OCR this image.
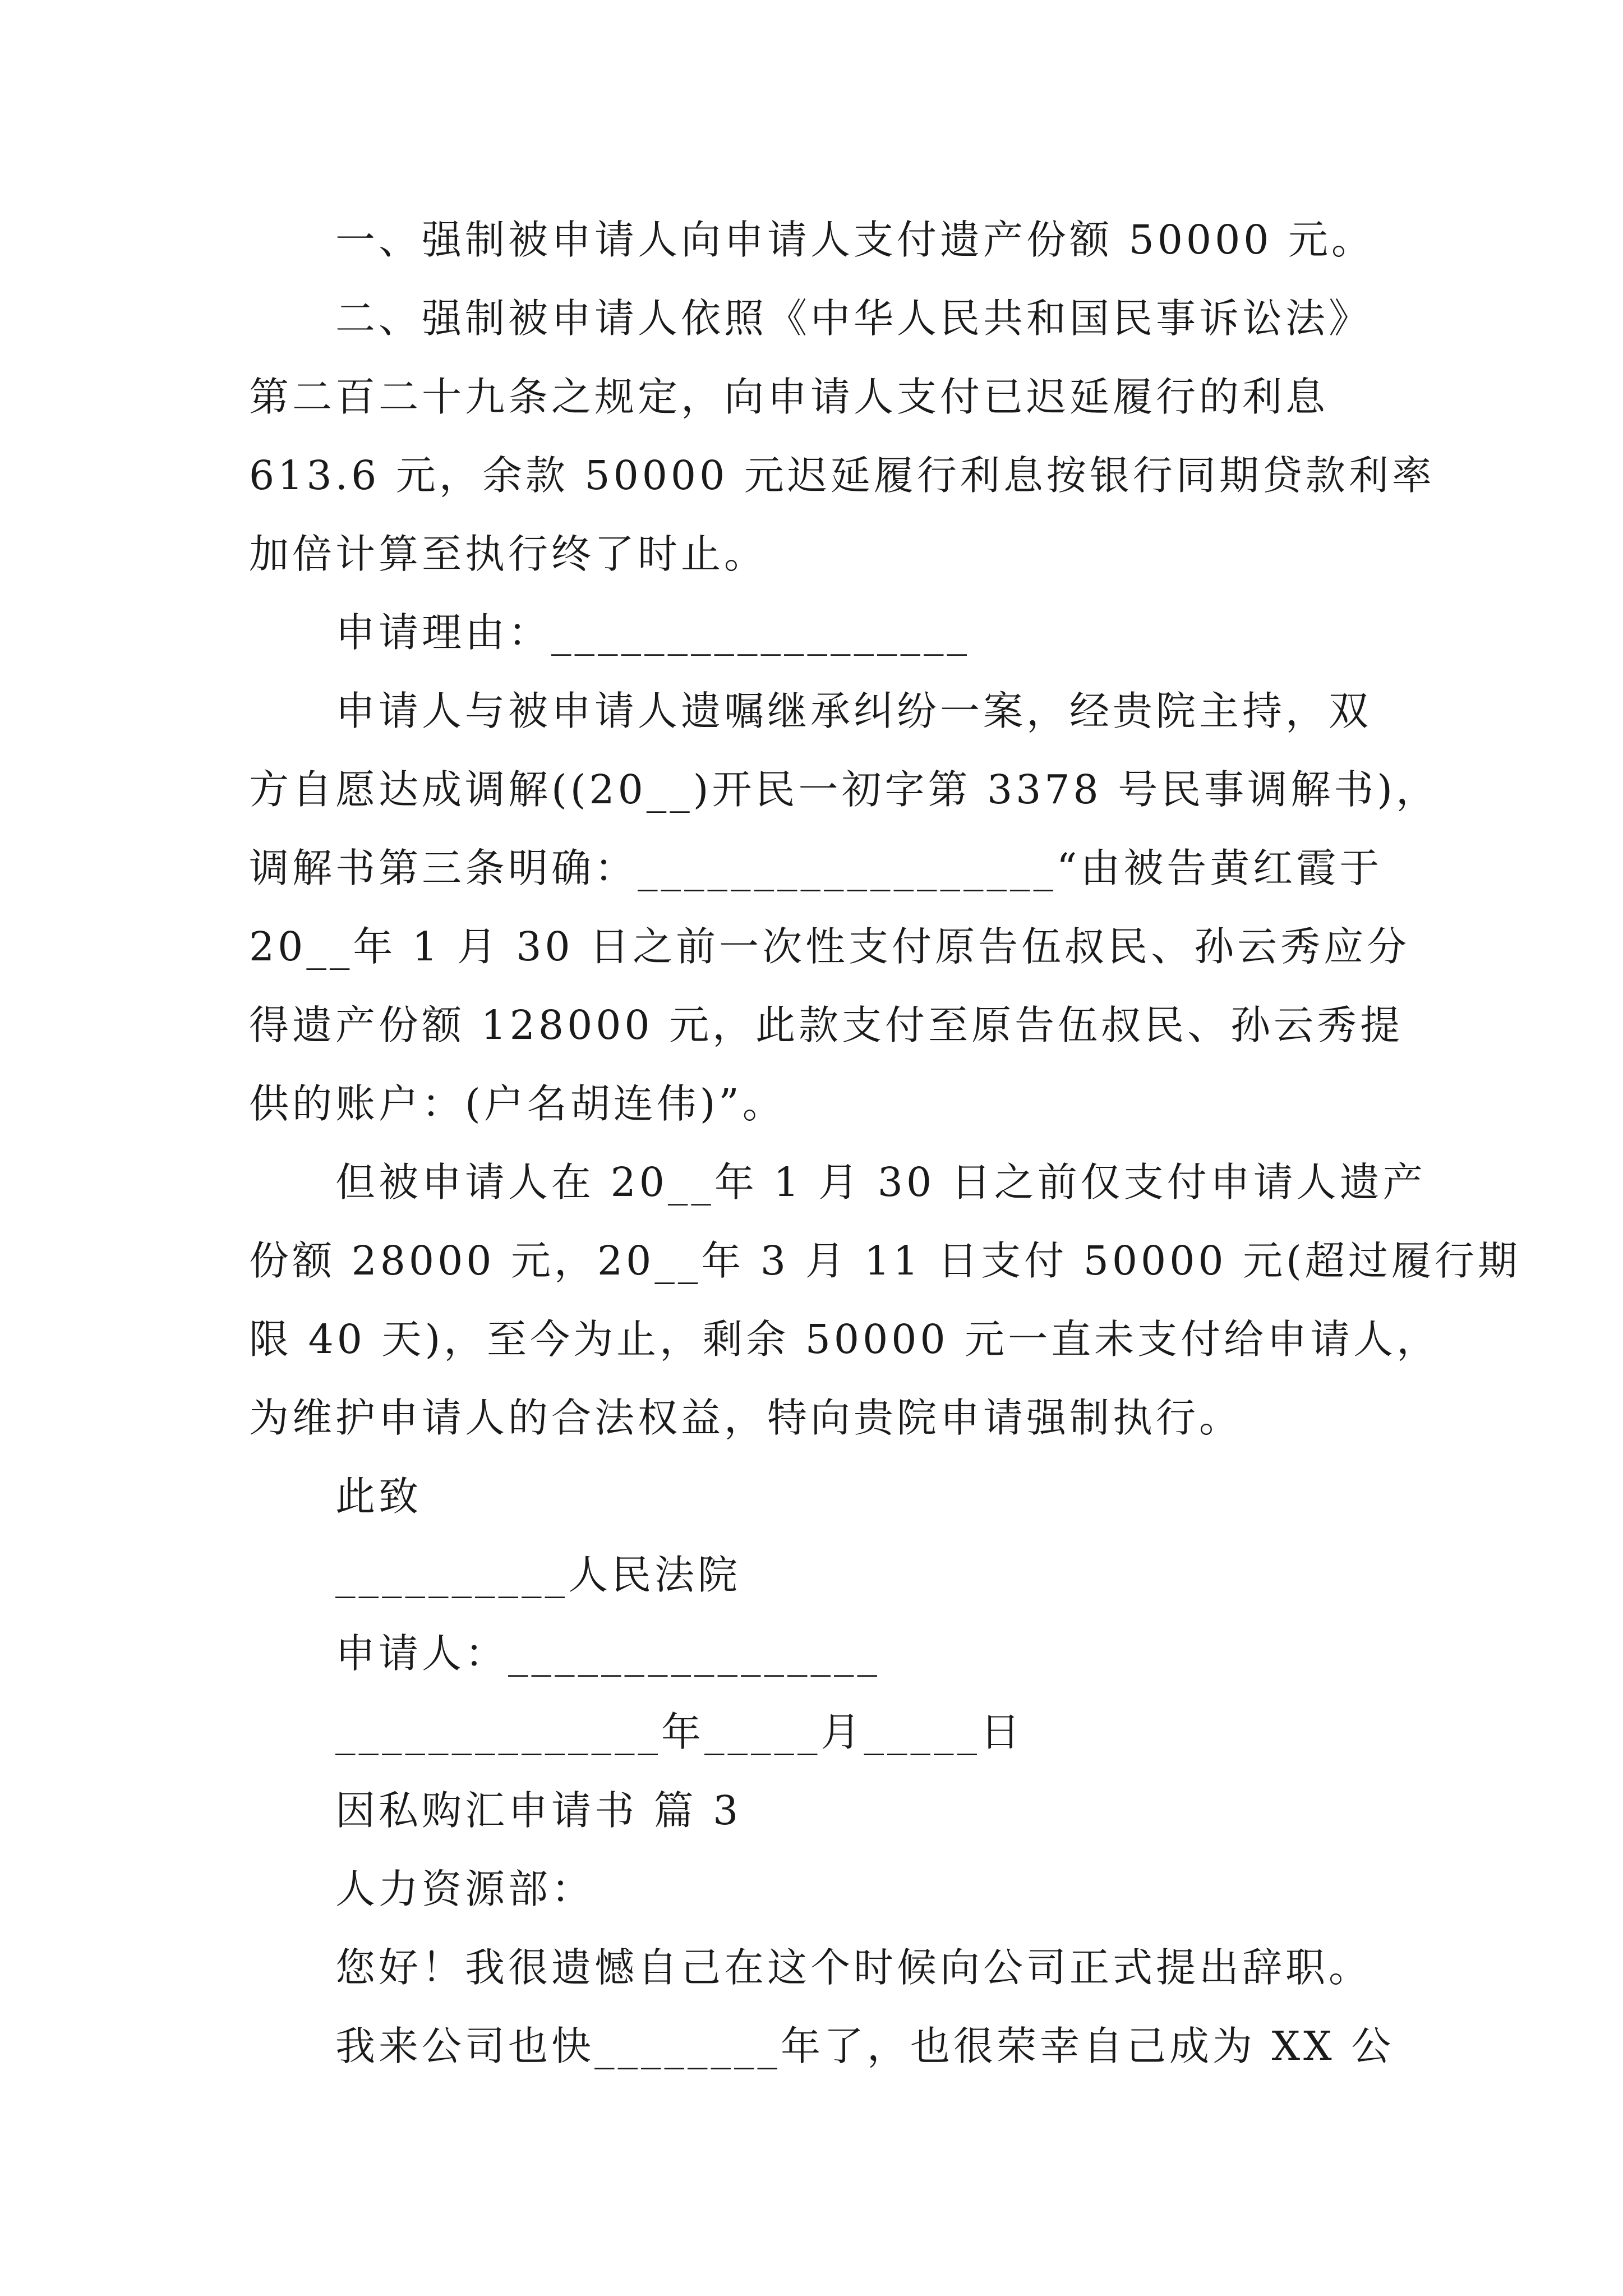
一、强制被申请人向申请人支付遗产份额 50000 元。
二、强制被申请人依照《中华人民共和国民事诉讼法》
第二百二十九条之规定，向申请人支付已迟延履行的利息
613.6 元，余款 50000 元迟延履行利息按银行同期贷款利率
加倍计算至执行终了时止。
申请理由：__________________
申请人与被申请人遗嘱继承纠纷一案，经贵院主持，双
方自愿达成调解((20__)开民一初字第 3378 号民事调解书)，
调解书第三条明确：__________________“由被告黄红霞于
20__年 1 月 30 日之前一次性支付原告伍叔民、孙云秀应分
得遗产份额 128000 元，此款支付至原告伍叔民、孙云秀提
供的账户：(户名胡连伟)”。
但被申请人在 20__年 1 月 30 日之前仅支付申请人遗产
份额 28000 元，20__年 3 月 11 日支付 50000 元(超过履行期
限 40 天)，至今为止，剩余 50000 元一直未支付给申请人，
为维护申请人的合法权益，特向贵院申请强制执行。
此致
__________人民法院
申请人：________________
______________年_____月_____日
因私购汇申请书 篇 3
人力资源部：
您好！我很遗憾自己在这个时候向公司正式提出辞职。
我来公司也快________年了，也很荣幸自己成为 XX 公
